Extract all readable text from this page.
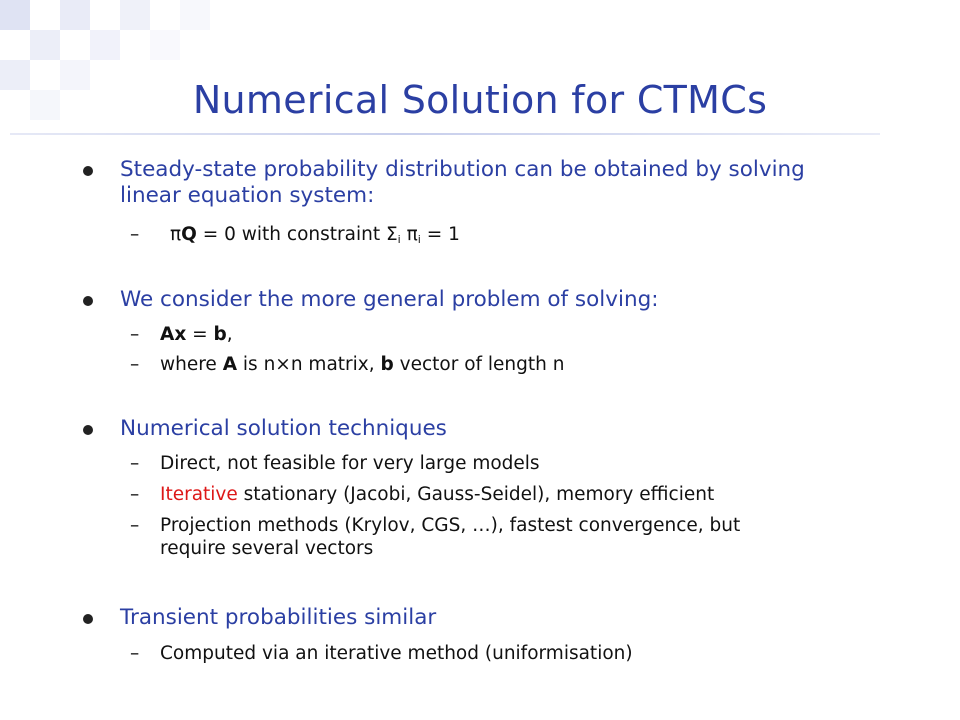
Numerical Solution for CTMCs
Steady-state probability distribution can be obtained by solving linear equation system:
– πQ = 0 with constraint $\Sigma_i$ $\pi_i = 1$
We consider the more general problem of solving:
– Ax = b,
– where A is n×n matrix, b vector of length n
Numerical solution techniques
– Direct, not feasible for very large models
– Iterative stationary (Jacobi, Gauss-Seidel), memory efficient
– Projection methods (Krylov, CGS, …), fastest convergence, but require several vectors
Transient probabilities similar
– Computed via an iterative method (uniformisation)
